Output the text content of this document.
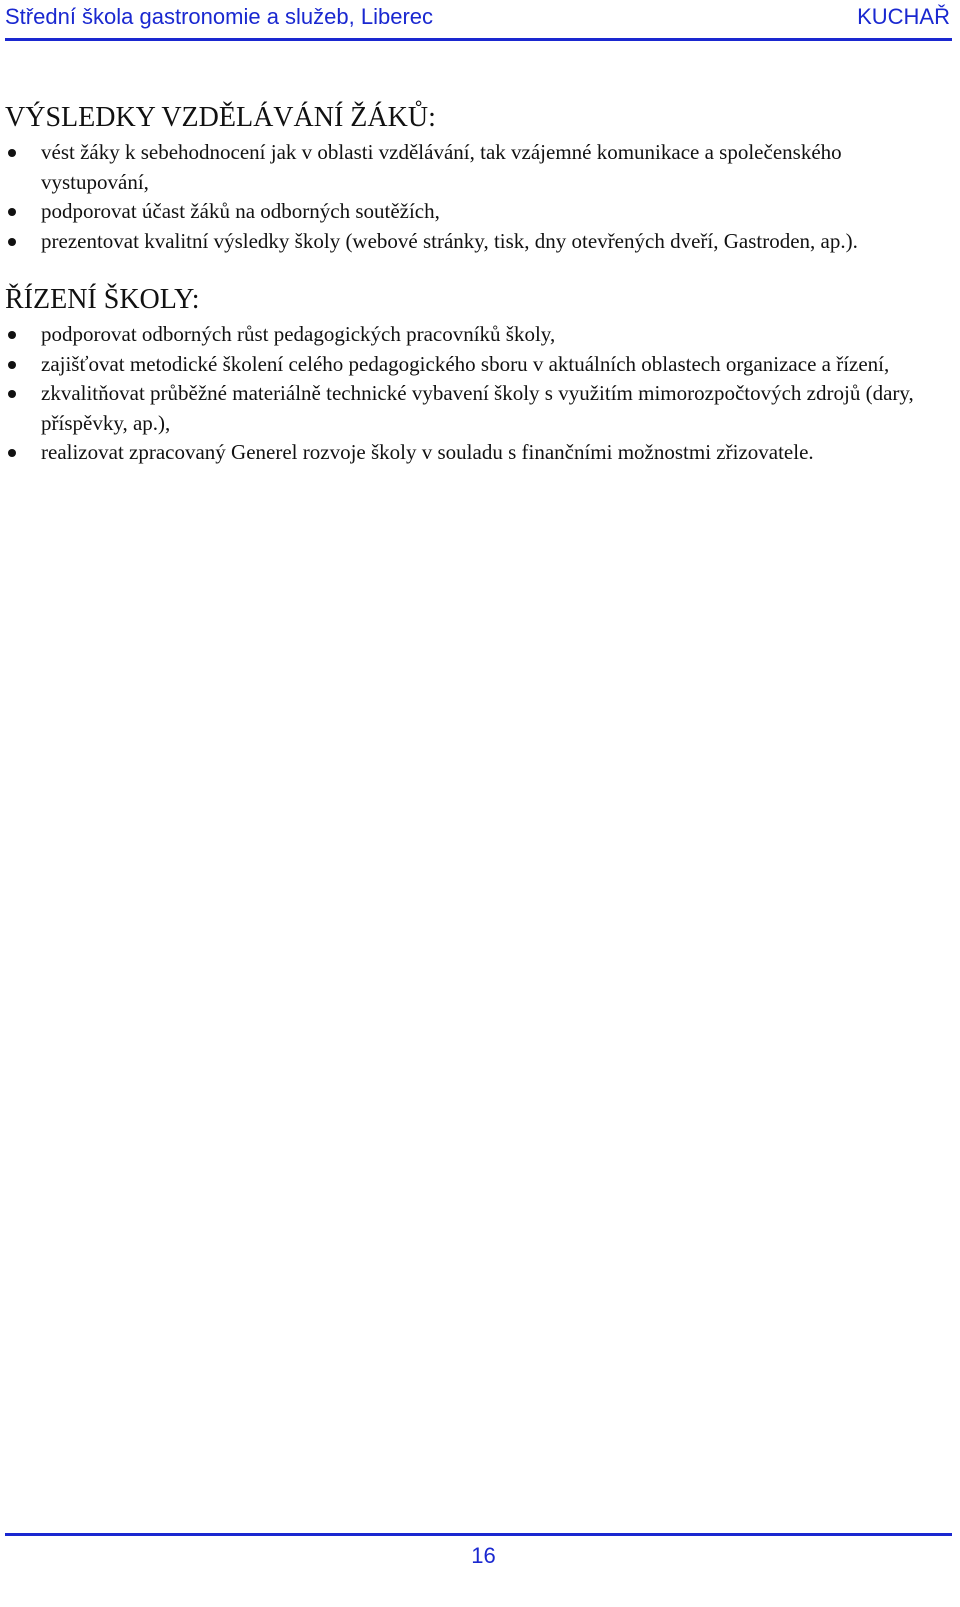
Střední škola gastronomie a služeb, Liberec	KUCHAŘ
VÝSLEDKY VZDĚLÁVÁNÍ ŽÁKŮ:
vést žáky k sebehodnocení jak v oblasti vzdělávání, tak vzájemné komunikace a společenského vystupování,
podporovat účast žáků na odborných soutěžích,
prezentovat kvalitní výsledky školy (webové stránky, tisk, dny otevřených dveří, Gastroden, ap.).
ŘÍZENÍ ŠKOLY:
podporovat odborných růst pedagogických pracovníků školy,
zajišťovat metodické školení celého pedagogického sboru v aktuálních oblastech organizace a řízení,
zkvalitňovat průběžné materiálně technické vybavení školy s využitím mimorozpočtových zdrojů (dary, příspěvky, ap.),
realizovat zpracovaný Generel rozvoje školy v souladu s finančními možnostmi zřizovatele.
16
